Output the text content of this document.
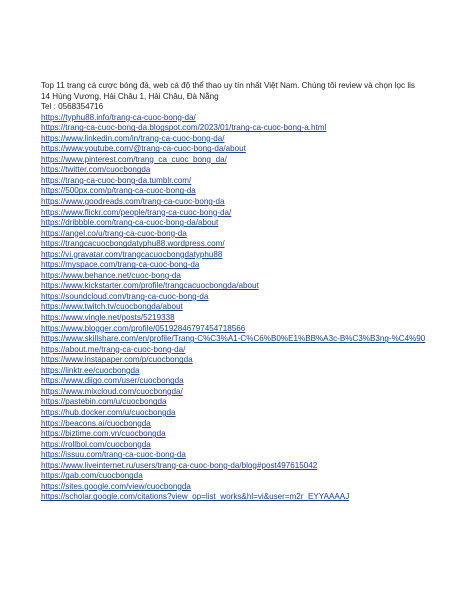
Top 11 trang cá cược bóng đá, web cá độ thể thao uy tín nhất Việt Nam. Chúng tôi review và chọn lọc lis
14 Hùng Vương, Hải Châu 1, Hải Châu, Đà Nẵng
Tel : 0568354716
https://typhu88.info/trang-ca-cuoc-bong-da/
https://trang-ca-cuoc-bong-da.blogspot.com/2023/01/trang-ca-cuoc-bong-a.html
https://www.linkedin.com/in/trang-ca-cuoc-bong-da/
https://www.youtube.com/@trang-ca-cuoc-bong-da/about
https://www.pinterest.com/trang_ca_cuoc_bong_da/
https://twitter.com/cuocbongda
https://trang-ca-cuoc-bong-da.tumblr.com/
https://500px.com/p/trang-ca-cuoc-bong-da
https://www.goodreads.com/trang-ca-cuoc-bong-da
https://www.flickr.com/people/trang-ca-cuoc-bong-da/
https://dribbble.com/trang-ca-cuoc-bong-da/about
https://angel.co/u/trang-ca-cuoc-bong-da
https://trangcacuocbongdatyphu88.wordpress.com/
https://vi.gravatar.com/trangcacuocbongdatyphu88
https://myspace.com/trang-ca-cuoc-bong-da
https://www.behance.net/cuoc-bong-da
https://www.kickstarter.com/profile/trangcacuocbongda/about
https://soundcloud.com/trang-ca-cuoc-bong-da
https://www.twitch.tv/cuocbongda/about
https://www.vingle.net/posts/5219338
https://www.blogger.com/profile/05192846797454718566
https://www.skillshare.com/en/profile/Trang-C%C3%A1-C%C6%B0%E1%BB%A3c-B%C3%B3ng-%C4%90
https://about.me/trang-ca-cuoc-bong-da/
https://www.instapaper.com/p/cuocbongda
https://linktr.ee/cuocbongda
https://www.diigo.com/user/cuocbongda
https://www.mixcloud.com/cuocbongda/
https://pastebin.com/u/cuocbongda
https://hub.docker.com/u/cuocbongda
https://beacons.ai/cuocbongda
https://biztime.com.vn/cuocbongda
https://rollbol.com/cuocbongda
https://issuu.com/trang-ca-cuoc-bong-da
https://www.liveinternet.ru/users/trang-ca-cuoc-bong-da/blog#post497615042
https://gab.com/cuocbongda
https://sites.google.com/view/cuocbongda
https://scholar.google.com/citations?view_op=list_works&hl=vi&user=m2r_EYYAAAAJ
